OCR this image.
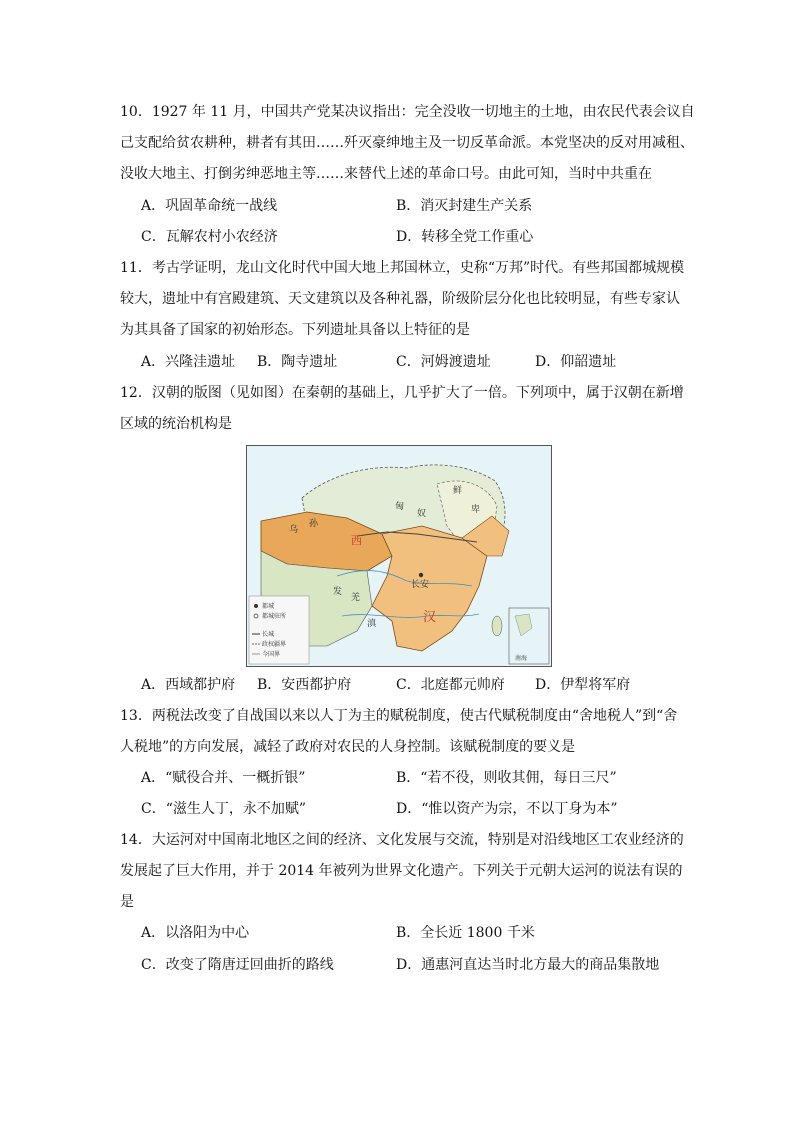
10．1927 年 11 月，中国共产党某决议指出：完全没收一切地主的土地，由农民代表会议自
己支配给贫农耕种，耕者有其田……歼灭豪绅地主及一切反革命派。本党坚决的反对用减租、
没收大地主、打倒劣绅恶地主等……来替代上述的革命口号。由此可知，当时中共重在
A．巩固革命统一战线	B．消灭封建生产关系
C．瓦解农村小农经济	D．转移全党工作重心
11．考古学证明，龙山文化时代中国大地上邦国林立，史称“万邦”时代。有些邦国都城规模
较大，遗址中有宫殿建筑、天文建筑以及各种礼器，阶级阶层分化也比较明显，有些专家认
为其具备了国家的初始形态。下列遗址具备以上特征的是
A．兴隆洼遗址 B．陶寺遗址	C．河姆渡遗址	D．仰韶遗址
12．汉朝的版图（见如图）在秦朝的基础上，几乎扩大了一倍。下列项中，属于汉朝在新增
区域的统治机构是
匈
奴
鲜
卑
乌
孙
西
长安
汉
发
羌
滇
都城
都城驻所
长城
政权疆界
今国界
南海
A．西域都护府 B．安西都护府	C．北庭都元帅府 D．伊犁将军府
13．两税法改变了自战国以来以人丁为主的赋税制度，使古代赋税制度由“舍地税人”到“舍
人税地”的方向发展，减轻了政府对农民的人身控制。该赋税制度的要义是
A．“赋役合并、一概折银”	B．“若不役，则收其佣，每日三尺”
C．“滋生人丁，永不加赋”	D．“惟以资产为宗，不以丁身为本”
14．大运河对中国南北地区之间的经济、文化发展与交流，特别是对沿线地区工农业经济的
发展起了巨大作用，并于 2014 年被列为世界文化遗产。下列关于元朝大运河的说法有误的
是
A．以洛阳为中心	B．全长近 1800 千米
C．改变了隋唐迂回曲折的路线	D．通惠河直达当时北方最大的商品集散地
